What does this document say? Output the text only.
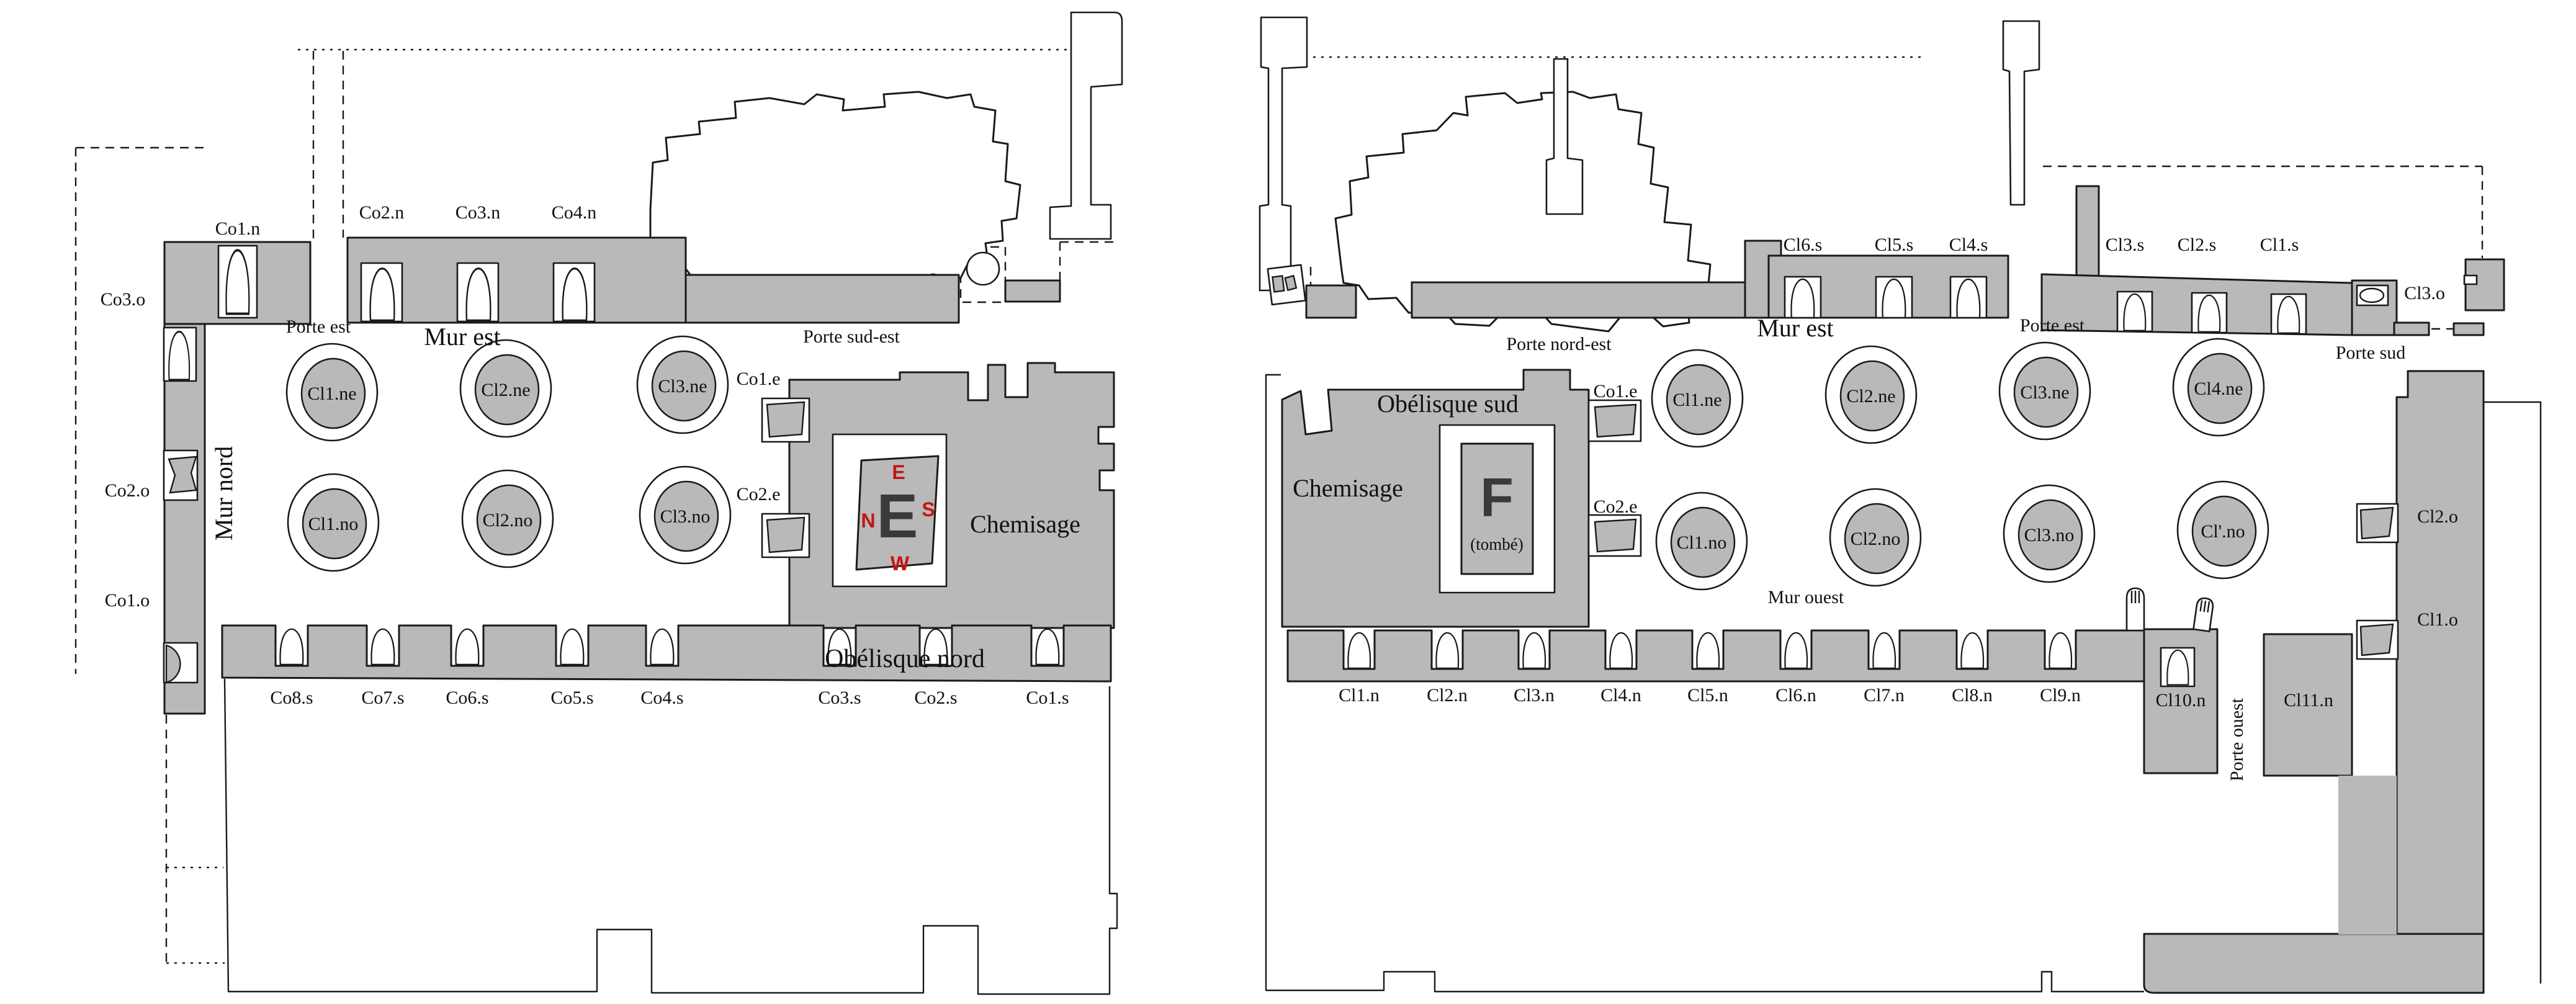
Cl1.ne	Cl2.ne	Cl3.ne
Cl1.no	Cl2.no	Cl3.no
Co1.n
Co2.n	Co3.n	Co4.n
Co3.o
Porte est	Mur est	Porte sud-est
Co1.e
Co2.e
Mur nord
Co2.o
Co1.o
Chemisage
Obélisque nord
Co8.s	Co7.s Co6.s	Co5.s	Co4.s	Co3.s	Co2.s	Co1.s
E
E
N S
W
Cl1.ne	Cl2.ne	Cl3.ne	Cl4.ne
Cl1.no	Cl2.no	Cl3.no	Cl'.no
Cl6.s	Cl5.s Cl4.s	Cl3.s Cl2.s Cl1.s
Porte nord-est
Mur est	Porte est
Cl3.o
Porte sud
Obélisque sud	Co1.e
Co2.e
Chemisage
Mur ouest
Cl2.o
Cl1.o
Cl1.n	Cl2.n Cl3.n Cl4.n Cl5.n	Cl6.n	Cl7.n	Cl8.n	Cl9.n	Cl10.n	Cl11.n
Porte ouest
F
(tombé)
